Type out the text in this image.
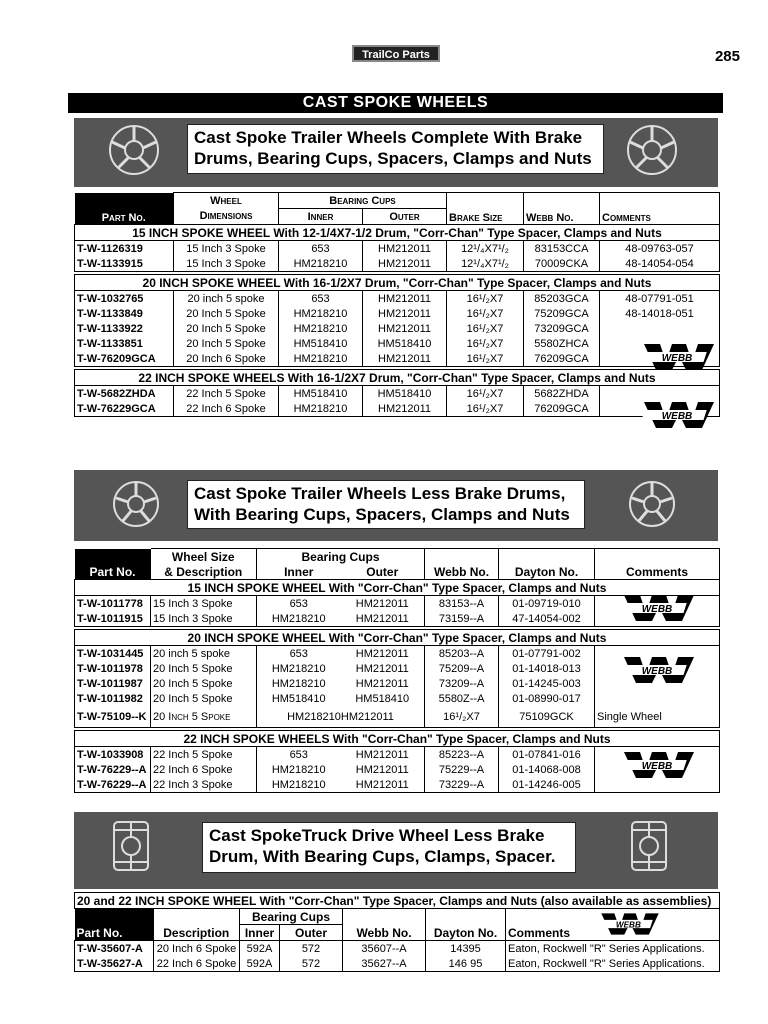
TrailCo Parts	285
CAST SPOKE WHEELS
Cast Spoke Trailer Wheels Complete With Brake Drums, Bearing Cups, Spacers, Clamps and Nuts
Part No.	Wheel	Bearing Cups		Brake Size	Webb No.	Comments
	Dimensions	Inner	Outer			
15 INCH SPOKE WHEEL With 12-1/4X7-1/2 Drum, "Corr-Chan" Type Spacer, Clamps and Nuts						
T-W-1126319	15 Inch 3 Spoke	653	HM212011	12¹/₄X7¹/₂	83153CCA	48-09763-057
T-W-1133915	15 Inch 3 Spoke	HM218210	HM212011	12¹/₄X7¹/₂	70009CKA	48-14054-054

20 INCH SPOKE WHEEL With 16-1/2X7 Drum, "Corr-Chan" Type Spacer, Clamps and Nuts						
T-W-1032765	20 inch 5 spoke	653	HM212011	16¹/₂X7	85203GCA	48-07791-051
T-W-1133849	20 Inch 5 Spoke	HM218210	HM212011	16¹/₂X7	75209GCA	48-14018-051
T-W-1133922	20 Inch 5 Spoke	HM218210	HM212011	16¹/₂X7	73209GCA	
T-W-1133851	20 Inch 5 Spoke	HM518410	HM518410	16¹/₂X7	5580ZHCA	
T-W-76209GCA	20 Inch 6 Spoke	HM218210	HM212011	16¹/₂X7	76209GCA	

22 INCH SPOKE WHEELS With 16-1/2X7 Drum, "Corr-Chan" Type Spacer, Clamps and Nuts						
T-W-5682ZHDA	22 Inch 5 Spoke	HM518410	HM518410	16¹/₂X7	5682ZHDA	
T-W-76229GCA	22 Inch 6 Spoke	HM218210	HM212011	16¹/₂X7	76209GCA	
WEBB
WEBB
Cast Spoke Trailer Wheels Less Brake Drums, With Bearing Cups, Spacers, Clamps and Nuts
Part No.	Wheel Size	Bearing Cups		Webb No.	Dayton No.	Comments
	& Description	Inner	Outer			
15 INCH SPOKE WHEEL With "Corr-Chan" Type Spacer, Clamps and Nuts						
T-W-1011778	15 Inch 3 Spoke	653	HM212011	83153--A	01-09719-010	
T-W-1011915	15 Inch 3 Spoke	HM218210	HM212011	73159--A	47-14054-002	

20 INCH SPOKE WHEEL With "Corr-Chan" Type Spacer, Clamps and Nuts						
T-W-1031445	20 inch 5 spoke	653	HM212011	85203--A	01-07791-002	
T-W-1011978	20 Inch 5 Spoke	HM218210	HM212011	75209--A	01-14018-013	
T-W-1011987	20 Inch 5 Spoke	HM218210	HM212011	73209--A	01-14245-003	
T-W-1011982	20 Inch 5 Spoke	HM518410	HM518410	5580Z--A	01-08990-017	
T-W-75109--K	20 Inch 5 Spoke	HM218210HM212011		16¹/₂X7	75109GCK	Single Wheel

22 INCH SPOKE WHEELS With "Corr-Chan" Type Spacer, Clamps and Nuts						
T-W-1033908	22 Inch 5 Spoke	653	HM212011	85223--A	01-07841-016	
T-W-76229--A	22 Inch 6 Spoke	HM218210	HM212011	75229--A	01-14068-008	
T-W-76229--A	22 Inch 3 Spoke	HM218210	HM212011	73229--A	01-14246-005	
WEBB
WEBB
WEBB
Cast SpokeTruck Drive Wheel Less Brake Drum, With Bearing Cups, Clamps, Spacer.
20 and 22 INCH SPOKE WHEEL With "Corr-Chan" Type Spacer, Clamps and Nuts (also available as assemblies)						
Part No.	Description	Bearing Cups		Webb No.	Dayton No.	Comments
		Inner	Outer			
T-W-35607-A	20 Inch 6 Spoke	592A	572	35607--A	14395	Eaton, Rockwell "R" Series Applications.
T-W-35627-A	22 Inch 6 Spoke	592A	572	35627--A	146 95	Eaton, Rockwell "R" Series Applications.
WEBB
